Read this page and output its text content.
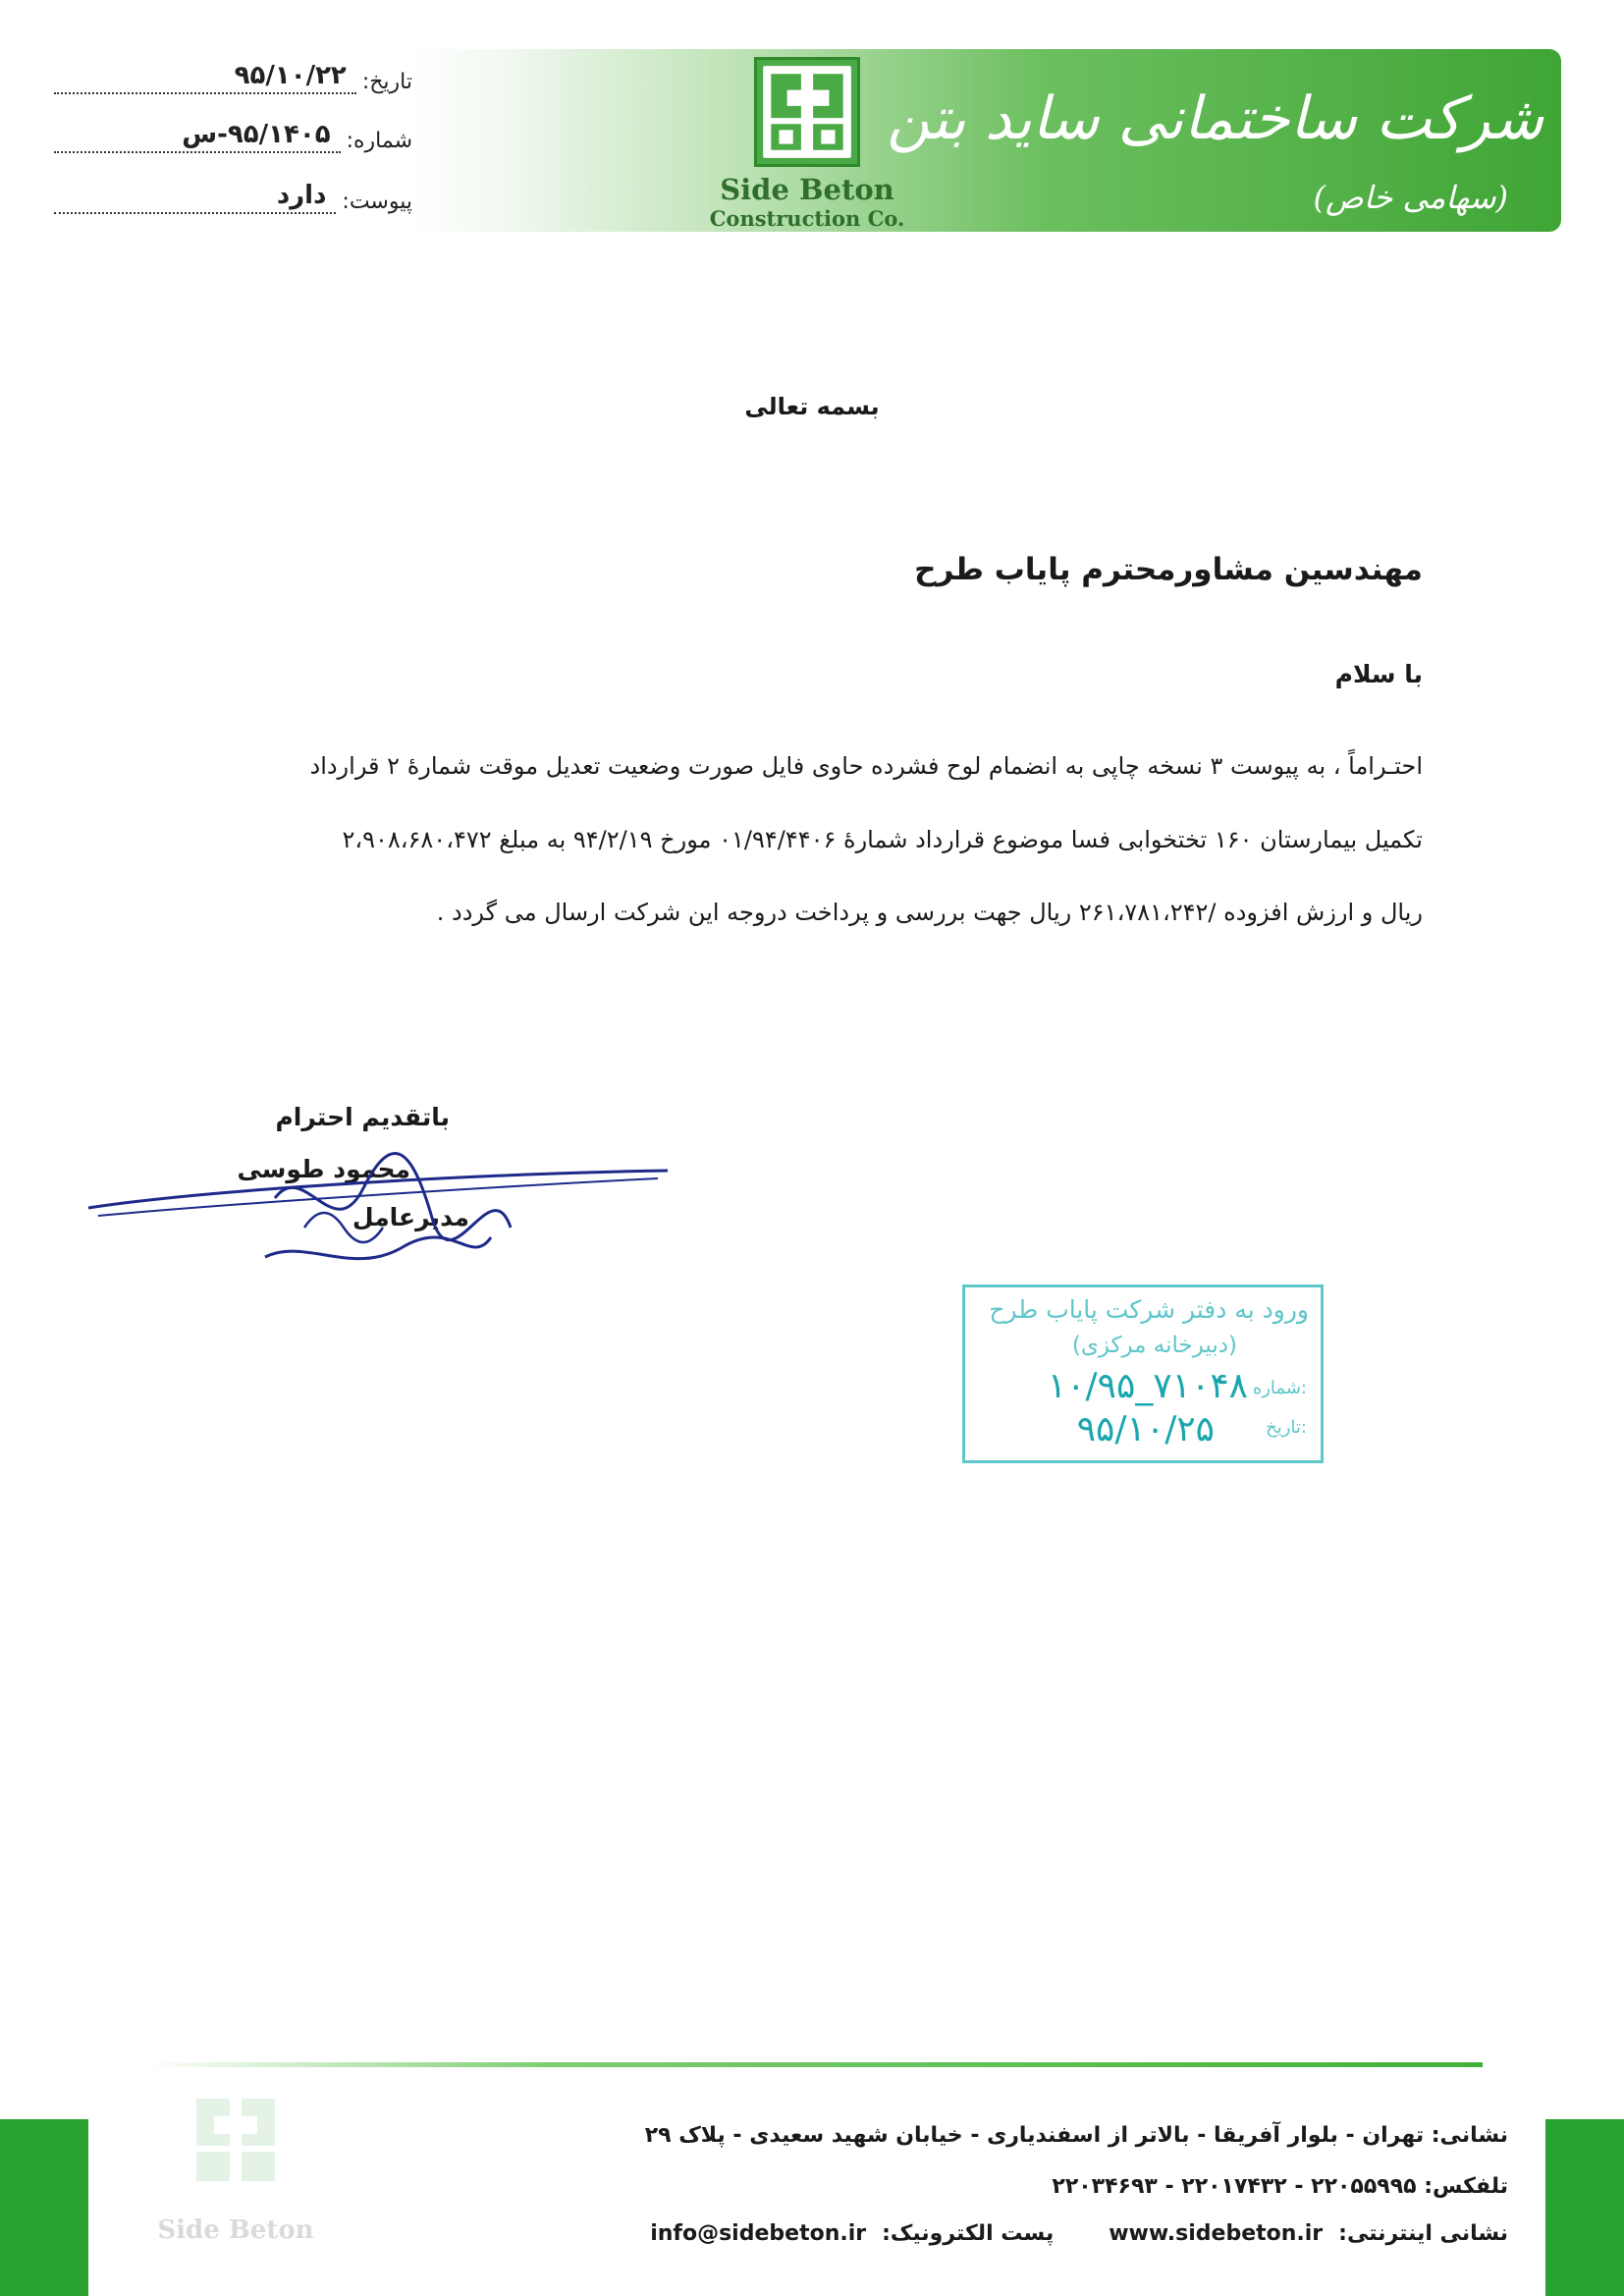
شرکت ساختمانی ساید بتن
(سهامی خاص)
Side Beton
Construction Co.
تاریخ:
۹۵/۱۰/۲۲
شماره:
۹۵/۱۴۰۵-س
پیوست:
دارد
بسمه تعالی
مهندسین مشاورمحترم پایاب طرح
با سلام
احتـراماً ، به پیوست ۳ نسخه چاپی به انضمام لوح فشرده حاوی فایل صورت وضعیت تعدیل موقت شمارۀ ۲ قرارداد
تکمیل بیمارستان ۱۶۰ تختخوابی فسا موضوع قرارداد شمارۀ ۰۱/۹۴/۴۴۰۶ مورخ ۹۴/۲/۱۹ به مبلغ ۲،۹۰۸،۶۸۰،۴۷۲
ریال و ارزش افزوده /۲۶۱،۷۸۱،۲۴۲ ریال جهت بررسی و پرداخت دروجه این شرکت ارسال می گردد .
باتقدیم احترام
محمود طوسی
مدیرعامل
ورود به دفتر شرکت پایاب طرح
(دبیرخانه مرکزی)
شماره:
۱۰/۹۵_۷۱۰۴۸
تاریخ:
۹۵/۱۰/۲۵
Side Beton
نشانی: تهران - بلوار آفریقا - بالاتر از اسفندیاری - خیابان شهید سعیدی - پلاک ۲۹
تلفکس: ۲۲۰۵۵۹۹۵ - ۲۲۰۱۷۴۳۲ - ۲۲۰۳۴۶۹۳
نشانی اینترنتی:
www.sidebeton.ir
پست الکترونیک:
info@sidebeton.ir
